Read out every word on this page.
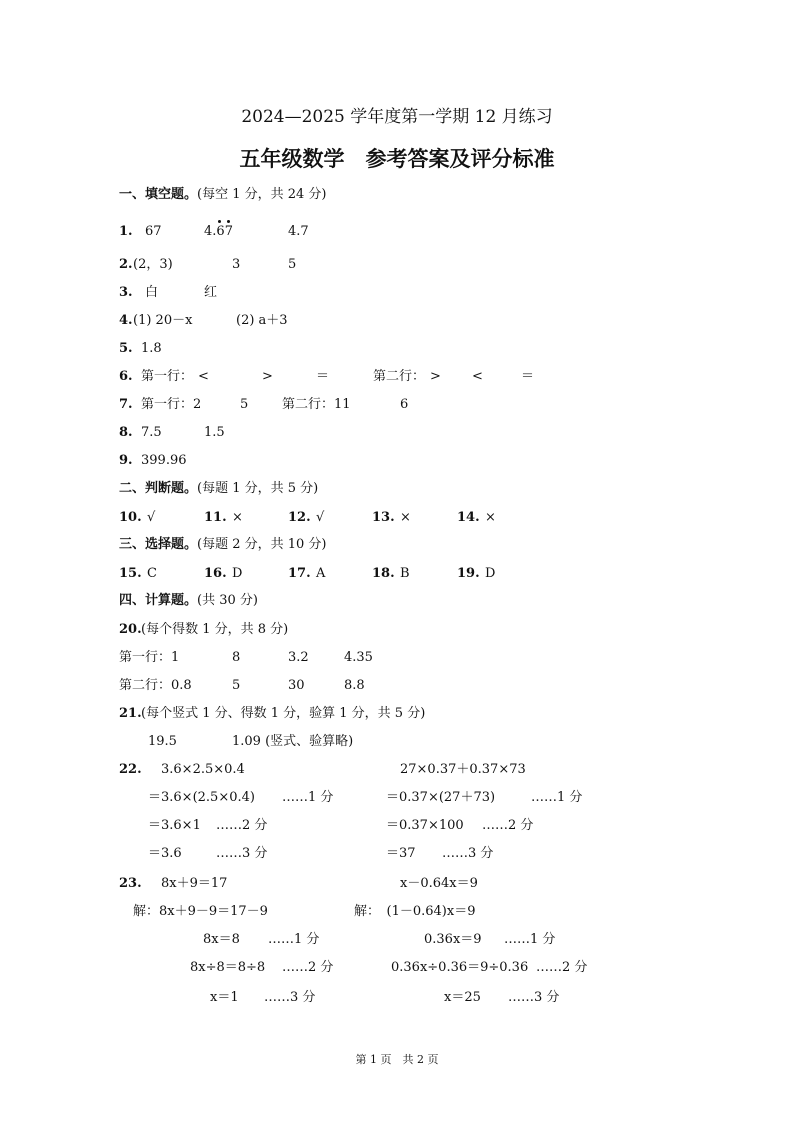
2024—2025 学年度第一学期 12 月练习
五年级数学　参考答案及评分标准
一、填空题。(每空 1 分，共 24 分)
1. 67	4.
6
7	4.7
2. (2，3)	3	5
3. 白	红
4. (1) 20－x	(2) a＋3
5. 1.8
6. 第一行： <	>	＝	第二行： > <	＝
7. 第一行：2	5	第二行：11	6
8. 7.5	1.5
9. 399.96
二、判断题。(每题 1 分，共 5 分)
10. √	11. ×	12. √	13. ×	14. ×
三、选择题。(每题 2 分，共 10 分)
15. C	16. D	17. A	18. B	19. D
四、计算题。(共 30 分)
20. (每个得数 1 分，共 8 分)
第一行：1	8	3.2	4.35
第二行：0.8	5	30	8.8
21. (每个竖式 1 分、得数 1 分，验算 1 分，共 5 分)
19.5	1.09 (竖式、验算略)
22. 3.6×2.5×0.4
＝3.6×(2.5×0.4) ……1 分
＝3.6×1 ……2 分
＝3.6	……3 分
27×0.37＋0.37×73
＝0.37×(27＋73)	……1 分
＝0.37×100 ……2 分
＝37 ……3 分
23. 8x＋9＝17
解：8x＋9－9＝17－9
8x＝8 ……1 分
8x÷8＝8÷8 ……2 分
x＝1 ……3 分
x－0.64x＝9
解：　(1－0.64)x＝9
0.36x＝9 ……1 分
0.36x÷0.36＝9÷0.36 ……2 分
x＝25 ……3 分
第 1 页　共 2 页
